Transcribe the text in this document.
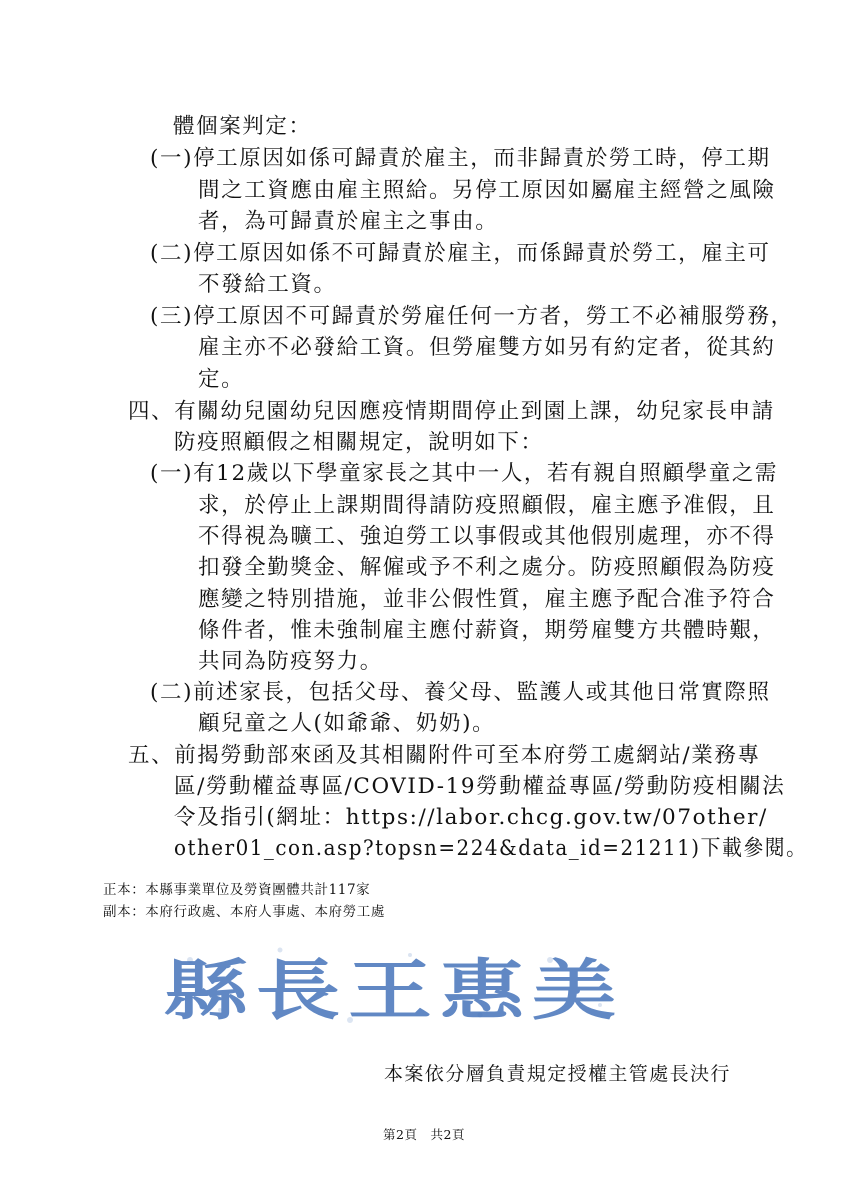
體個案判定：
(一)停工原因如係可歸責於雇主，而非歸責於勞工時，停工期
間之工資應由雇主照給。另停工原因如屬雇主經營之風險
者，為可歸責於雇主之事由。
(二)停工原因如係不可歸責於雇主，而係歸責於勞工，雇主可
不發給工資。
(三)停工原因不可歸責於勞雇任何一方者，勞工不必補服勞務，
雇主亦不必發給工資。但勞雇雙方如另有約定者，從其約
定。
四、有關幼兒園幼兒因應疫情期間停止到園上課，幼兒家長申請
防疫照顧假之相關規定，說明如下：
(一)有12歲以下學童家長之其中一人，若有親自照顧學童之需
求，於停止上課期間得請防疫照顧假，雇主應予准假，且
不得視為曠工、強迫勞工以事假或其他假別處理，亦不得
扣發全勤獎金、解僱或予不利之處分。防疫照顧假為防疫
應變之特別措施，並非公假性質，雇主應予配合准予符合
條件者，惟未強制雇主應付薪資，期勞雇雙方共體時艱，
共同為防疫努力。
(二)前述家長，包括父母、養父母、監護人或其他日常實際照
顧兒童之人(如爺爺、奶奶)。
五、前揭勞動部來函及其相關附件可至本府勞工處網站/業務專
區/勞動權益專區/COVID-19勞動權益專區/勞動防疫相關法
令及指引(網址：https://labor.chcg.gov.tw/07other/
other01_con.asp?topsn=224&data_id=21211)下載參閱。
正本：本縣事業單位及勞資團體共計117家
副本：本府行政處、本府人事處、本府勞工處
縣 長 王 惠 美
本案依分層負責規定授權主管處長決行
第2頁　共2頁
